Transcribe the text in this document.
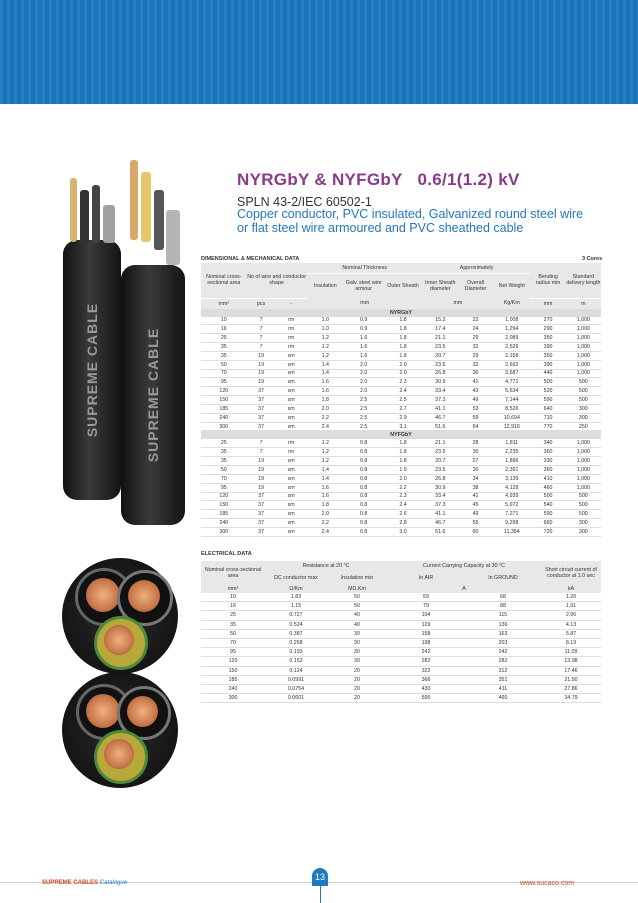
SUPREME CABLE	SUPREME CABLE
NYRGbY & NYFGbY   0.6/1(1.2) kV
SPLN 43-2/IEC 60502-1
Copper conductor, PVC insulated, Galvanized round steel wire or flat steel wire armoured and PVC sheathed cable
DIMENSIONAL & MECHANICAL DATA	3 Cores
Nominal cross-sectional area	No of wire and conductor shape		Nominal Thickness			Approximately			Bending radius min	Standard delivery length
			Insulation	Galv. steel wire armour	Outer Sheath	Inner Sheath diameter	Overall Diameter	Net Weight		
mm²	pcs	-	mm			mm		Kg/Km	mm	m
NYRGbY										
10	7	rm	1.0	0.9	1.8	15.2	22	1,008	270	1,000
16	7	rm	1.0	0.9	1.8	17.4	24	1,294	290	1,000
25	7	rm	1.2	1.6	1.8	21.1	29	2,089	350	1,000
35	7	rm	1.2	1.6	1.8	23.5	32	2,526	390	1,000
35	19	sm	1.2	1.6	1.8	20.7	29	2,158	350	1,000
50	19	sm	1.4	2.0	2.0	23.5	32	2,692	390	1,000
70	19	sm	1.4	2.0	2.0	26.8	36	3,687	440	1,000
95	19	sm	1.6	2.0	2.3	30.9	41	4,771	500	500
120	37	sm	1.6	2.0	2.4	33.4	43	5,634	520	500
150	37	sm	1.8	2.5	2.5	37.3	49	7,144	590	500
185	37	sm	2.0	2.5	2.7	41.1	53	8,526	640	300
240	37	sm	2.2	2.5	2.9	46.7	59	10,694	710	300
300	37	sm	2.4	2.5	3.1	51.6	64	12,916	770	250
NYFGbY										
25	7	rm	1.2	0.8	1.8	21.1	28	1,811	340	1,000
35	7	rm	1.2	0.8	1.8	23.5	30	2,235	360	1,000
35	19	sm	1.2	0.8	1.8	20.7	27	1,896	330	1,000
50	19	sm	1.4	0.8	1.9	23.5	30	2,391	360	1,000
70	19	sm	1.4	0.8	2.0	26.8	34	3,139	410	1,000
95	19	sm	1.6	0.8	2.2	30.9	38	4,128	460	1,000
120	37	sm	1.6	0.8	2.3	33.4	41	4,939	500	500
150	37	sm	1.8	0.8	2.4	37.3	45	5,972	540	500
185	37	sm	2.0	0.8	2.6	41.1	49	7,271	590	500
240	37	sm	2.2	0.8	2.8	46.7	55	9,298	660	300
300	37	sm	2.4	0.8	3.0	51.6	60	11,384	720	300
ELECTRICAL DATA
Nominal cross-sectional area	Resistance at 20 °C		Current Carrying Capacity at 30 °C		Short circuit current of conductor at 1.0 sec
	DC conductor max	Insulation min	In AIR	In GROUND	
mm²	Ω/Km	MΩ.Km	A		kA
10	1.83	50	59	68	1.20
16	1.15	50	79	88	1.91
25	0.727	40	104	115	2.96
35	0.524	40	129	136	4.13
50	0.387	30	158	163	5.87
70	0.268	30	198	203	8.19
95	0.193	30	242	242	11.09
120	0.153	30	282	282	13.98
150	0.124	20	322	312	17.46
185	0.0991	20	366	351	21.50
240	0.0754	20	430	411	27.86
300	0.0601	20	595	460	34.79
SUPREME CABLES Catalogue
13
www.sucaco.com
